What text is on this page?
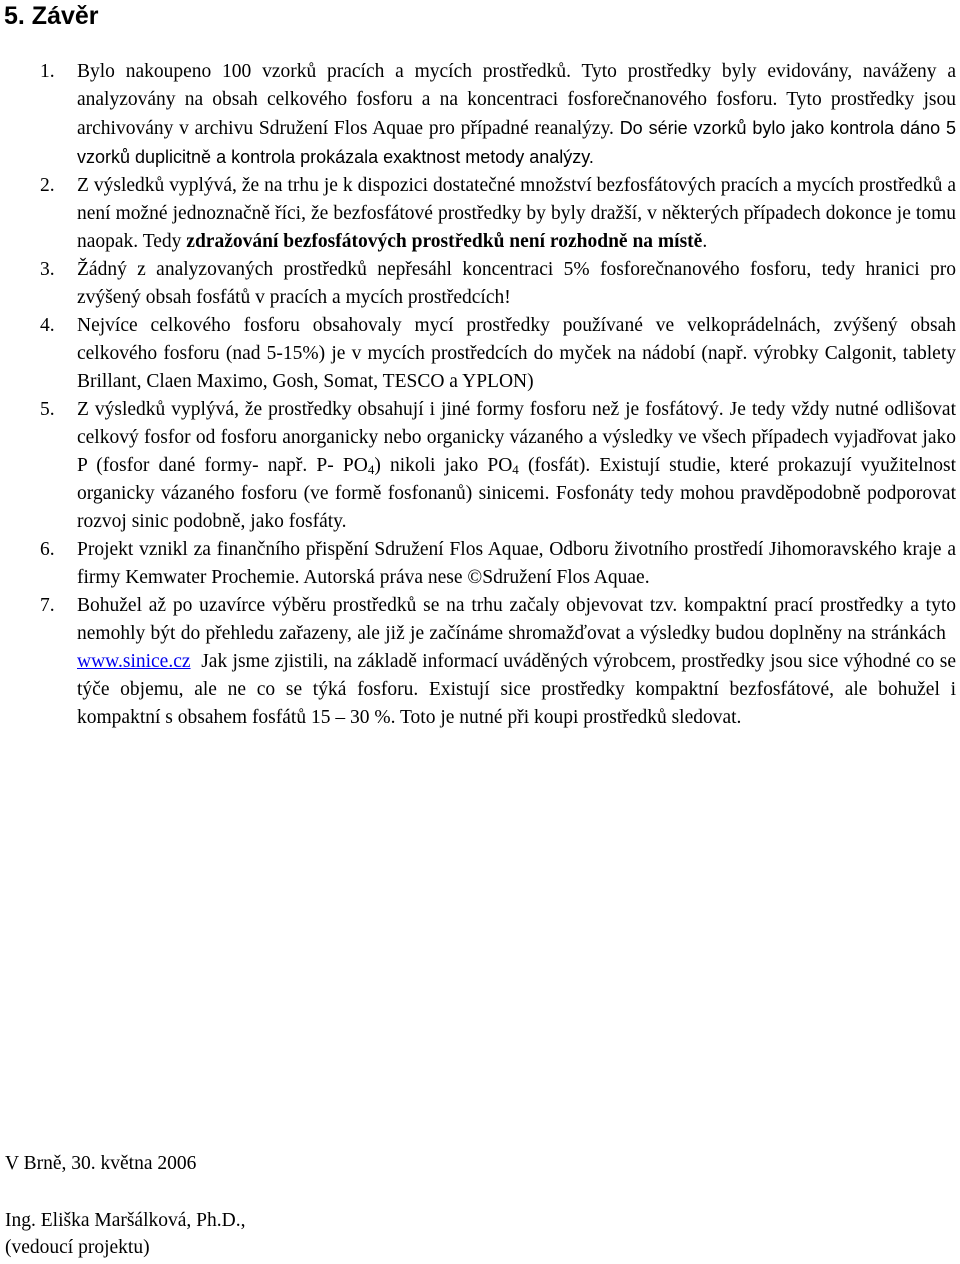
5. Závěr
1. Bylo nakoupeno 100 vzorků pracích a mycích prostředků. Tyto prostředky byly evidovány, naváženy a analyzovány na obsah celkového fosforu a na koncentraci fosforečnanového fosforu. Tyto prostředky jsou archivovány v archivu Sdružení Flos Aquae pro případné reanalýzy. Do série vzorků bylo jako kontrola dáno 5 vzorků duplicitně a kontrola prokázala exaktnost metody analýzy.
2. Z výsledků vyplývá, že na trhu je k dispozici dostatečné množství bezfosfátových pracích a mycích prostředků a není možné jednoznačně říci, že bezfosfátové prostředky by byly dražší, v některých případech dokonce je tomu naopak. Tedy zdražování bezfosfátových prostředků není rozhodně na místě.
3. Žádný z analyzovaných prostředků nepřesáhl koncentraci 5% fosforečnanového fosforu, tedy hranici pro zvýšený obsah fosfátů v pracích a mycích prostředcích!
4. Nejvíce celkového fosforu obsahovaly mycí prostředky používané ve velkoprádelnách, zvýšený obsah celkového fosforu (nad 5-15%) je v mycích prostředcích do myček na nádobí (např. výrobky Calgonit, tablety Brillant, Claen Maximo, Gosh, Somat, TESCO a YPLON)
5. Z výsledků vyplývá, že prostředky obsahují i jiné formy fosforu než je fosfátový. Je tedy vždy nutné odlišovat celkový fosfor od fosforu anorganicky nebo organicky vázaného a výsledky ve všech případech vyjadřovat jako P (fosfor dané formy- např. P- $PO_4$) nikoli jako $PO_4$ (fosfát). Existují studie, které prokazují využitelnost organicky vázaného fosforu (ve formě fosfonanů) sinicemi. Fosfonáty tedy mohou pravděpodobně podporovat rozvoj sinic podobně, jako fosfáty.
6. Projekt vznikl za finančního přispění Sdružení Flos Aquae, Odboru životního prostředí Jihomoravského kraje a firmy Kemwater Prochemie. Autorská práva nese ©Sdružení Flos Aquae.
7. Bohužel až po uzavírce výběru prostředků se na trhu začaly objevovat tzv. kompaktní prací prostředky a tyto nemohly být do přehledu zařazeny, ale již je začínáme shromažďovat a výsledky budou doplněny na stránkách   www.sinice.cz Jak jsme zjistili, na základě informací uváděných výrobcem, prostředky jsou sice výhodné co se týče objemu, ale ne co se týká fosforu. Existují sice prostředky kompaktní bezfosfátové, ale bohužel i kompaktní s obsahem fosfátů 15 – 30 %. Toto je nutné při koupi prostředků sledovat.

V Brně, 30. května 2006

Ing. Eliška Maršálková, Ph.D.,

(vedoucí projektu)
